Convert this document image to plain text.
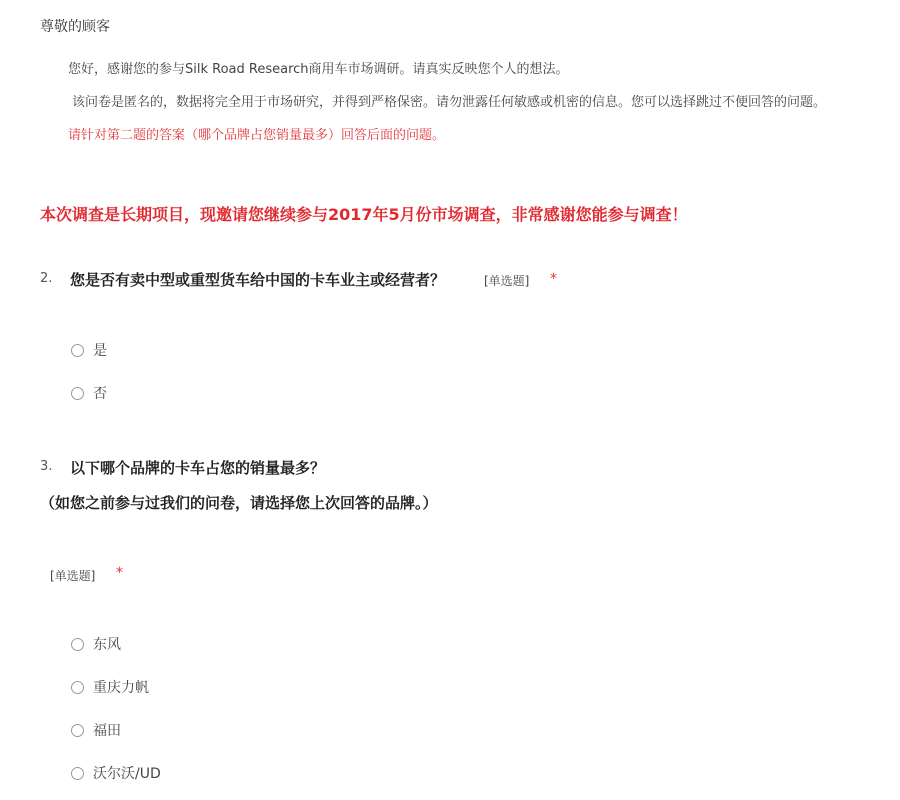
尊敬的顾客
您好，感谢您的参与Silk Road Research商用车市场调研。请真实反映您个人的想法。
该问卷是匿名的，数据将完全用于市场研究，并得到严格保密。请勿泄露任何敏感或机密的信息。您可以选择跳过不便回答的问题。
请针对第二题的答案（哪个品牌占您销量最多）回答后面的问题。
本次调查是长期项目，现邀请您继续参与2017年5月份市场调查，非常感谢您能参与调查！
2. 您是否有卖中型或重型货车给中国的卡车业主或经营者？	[单选题] *
是
否
3. 以下哪个品牌的卡车占您的销量最多？
（如您之前参与过我们的问卷，请选择您上次回答的品牌。）
[单选题] *
东风
重庆力帆
福田
沃尔沃/UD
